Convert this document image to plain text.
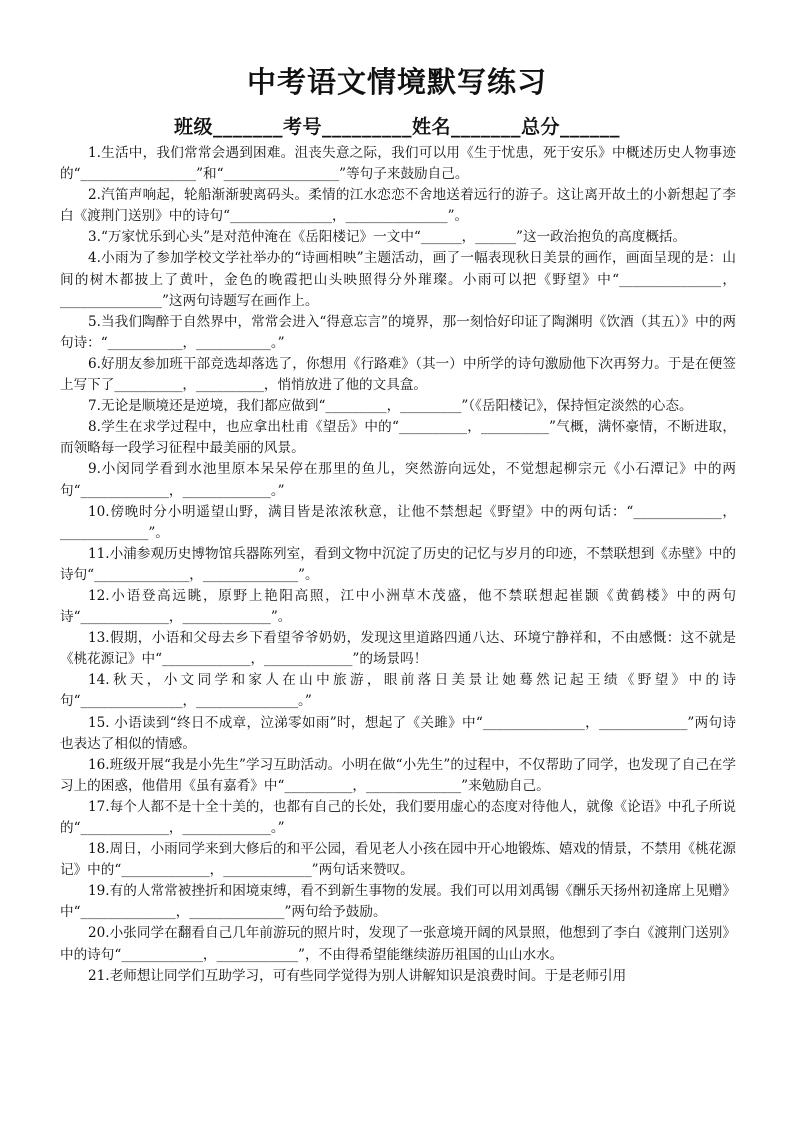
中考语文情境默写练习
班级_______考号_________姓名_______总分______

1.生活中，我们常常会遇到困难。沮丧失意之际，我们可以用《生于忧患，死于安乐》中概述历史人物事迹的“_________________”和“_________________”等句子来鼓励自己。

2.汽笛声响起，轮船渐渐驶离码头。柔情的江水恋恋不舍地送着远行的游子。这让离开故土的小新想起了李白《渡荆门送别》中的诗句“_______________，_______________”。

3.“万家忧乐到心头”是对范仲淹在《岳阳楼记》一文中“______，______”这一政治抱负的高度概括。

4.小雨为了参加学校文学社举办的“诗画相映”主题活动，画了一幅表现秋日美景的画作，画面呈现的是：山间的树木都披上了黄叶，金色的晚霞把山头映照得分外璀璨。小雨可以把《野望》中“_______________，_______________”这两句诗题写在画作上。

5.当我们陶醉于自然界中，常常会进入“得意忘言”的境界，那一刻恰好印证了陶渊明《饮酒（其五）》中的两句诗：“___________，___________。”

6.好朋友参加班干部竞选却落选了，你想用《行路难》（其一）中所学的诗句激励他下次再努力。于是在便签上写下了__________，__________，悄悄放进了他的文具盒。

7.无论是顺境还是逆境，我们都应做到“_________，_________”（《岳阳楼记》，保持恒定淡然的心态。

8.学生在求学过程中，也应拿出杜甫《望岳》中的“__________，__________”气概，满怀豪情，不断进取，而领略每一段学习征程中最美丽的风景。

9.小闵同学看到水池里原本呆呆停在那里的鱼儿，突然游向远处，不觉想起柳宗元《小石潭记》中的两句“_____________，_____________。”

10.傍晚时分小明遥望山野，满目皆是浓浓秋意，让他不禁想起《野望》中的两句话：“_____________，_____________”。

11.小浦参观历史博物馆兵器陈列室，看到文物中沉淀了历史的记忆与岁月的印迹，不禁联想到《赤壁》中的诗句“______________，______________”。

12.小语登高远眺，原野上艳阳高照，江中小洲草木茂盛，他不禁联想起崔颢《黄鹤楼》中的两句诗“_____________，_____________”。

13.假期，小语和父母去乡下看望爷爷奶奶，发现这里道路四通八达、环境宁静祥和，不由感慨：这不就是《桃花源记》中“_____________，_____________”的场景吗！

14.秋天，小文同学和家人在山中旅游，眼前落日美景让她蓦然记起王绩《野望》中的诗句“_______________，_______________。”

15. 小语读到“终日不成章，泣涕零如雨”时，想起了《关雎》中“_______________，_____________”两句诗也表达了相似的情感。

16.班级开展“我是小先生”学习互助活动。小明在做“小先生”的过程中，不仅帮助了同学，也发现了自己在学习上的困惑，他借用《虽有嘉肴》中“__________，______________”来勉励自己。

17.每个人都不是十全十美的，也都有自己的长处，我们要用虚心的态度对待他人，就像《论语》中孔子所说的“_____________，_____________。”

18.周日，小雨同学来到大修后的和平公园，看见老人小孩在园中开心地锻炼、嬉戏的情景，不禁用《桃花源记》中的“_____________，_____________”两句话来赞叹。

19.有的人常常被挫折和困境束缚，看不到新生事物的发展。我们可以用刘禹锡《酬乐天扬州初逢席上见赠》中“______________，______________”两句给予鼓励。

20.小张同学在翻看自己几年前游玩的照片时，发现了一张意境开阔的风景照，他想到了李白《渡荆门送别》中的诗句“____________，____________”，不由得希望能继续游历祖国的山山水水。

21.老师想让同学们互助学习，可有些同学觉得为别人讲解知识是浪费时间。于是老师引用
